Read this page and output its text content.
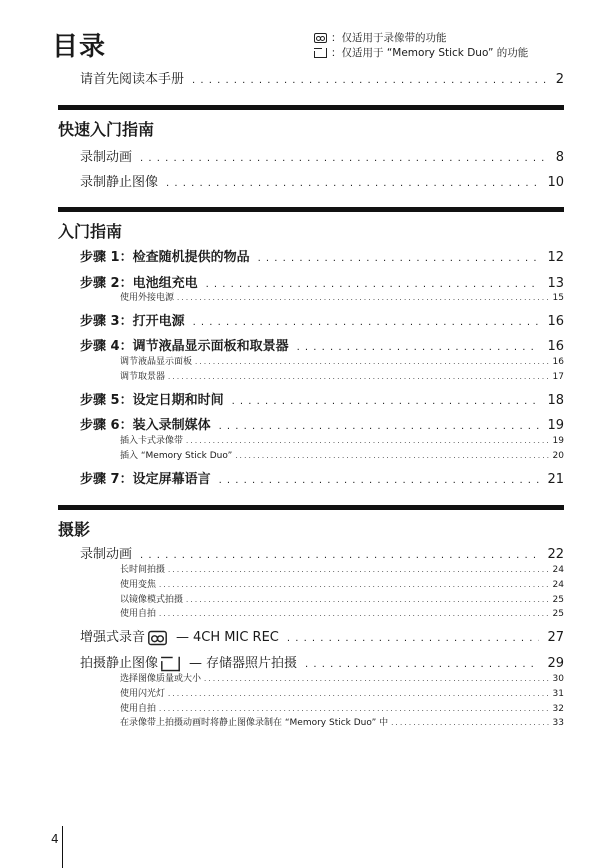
目录	：仅适用于录像带的功能
：仅适用于 “Memory Stick Duo” 的功能
请首先阅读本手册 . . .	2
快速入门指南
录制动画 . . .	8
录制静止图像 . . .	10
入门指南
步骤 1：检查随机提供的物品 . . .	12
步骤 2：电池组充电 . . .	13
使用外接电源 . . .	15
步骤 3：打开电源 . . .	16
步骤 4：调节液晶显示面板和取景器 . . .	16
调节液晶显示面板 . . .	16
调节取景器 . . .	17
步骤 5：设定日期和时间 . . .	18
步骤 6：装入录制媒体 . . .	19
插入卡式录像带 . . .	19
插入 “Memory Stick Duo” . . .	20
步骤 7：设定屏幕语言 . . .	21
摄影
录制动画 . . .	22
长时间拍摄 . . .	24
使用变焦 . . .	24
以镜像模式拍摄 . . .	25
使用自拍 . . .	25
增强式录音 — 4CH MIC REC . . .	27
拍摄静止图像 — 存储器照片拍摄 . . .	29
选择图像质量或大小 . . .	30
使用闪光灯 . . .	31
使用自拍 . . .	32
在录像带上拍摄动画时将静止图像录制在 “Memory Stick Duo” 中 . . .	33
4
